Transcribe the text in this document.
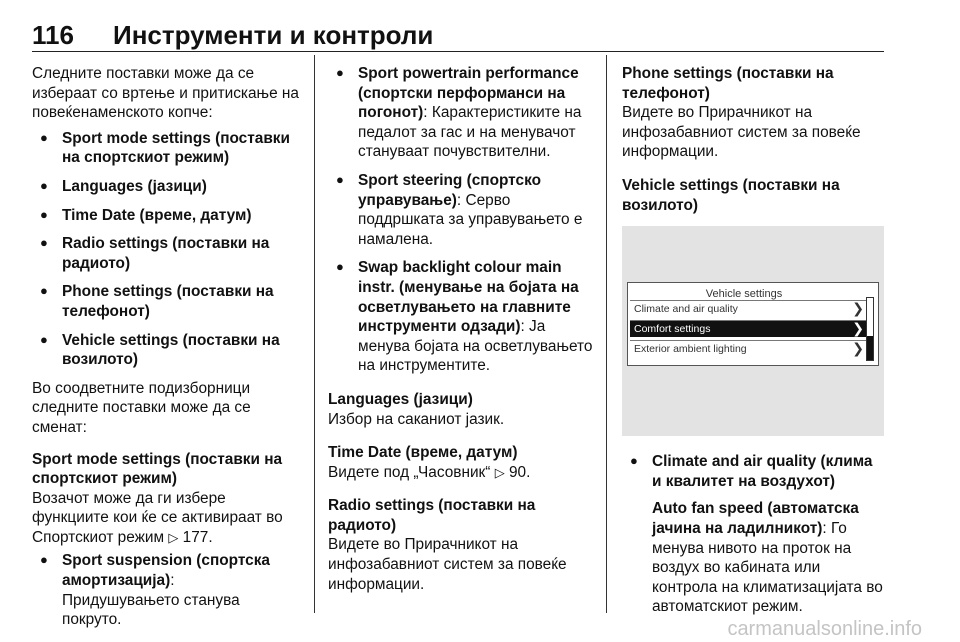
116 Инструменти и контроли

Следните поставки може да се избераат со вртење и притискање на повеќенаменското копче:

● Sport mode settings (поставки на спортскиот режим)
● Languages (јазици)
● Time Date (време, датум)
● Radio settings (поставки на радиото)
● Phone settings (поставки на телефонот)
● Vehicle settings (поставки на возилото)

Во соодветните подизборници следните поставки може да се сменат:

Sport mode settings (поставки на спортскиот режим)

Возачот може да ги избере функциите кои ќе се активираат во Спортскиот режим ▷ 177.

● Sport suspension (спортска амортизација):
Придушувањето станува покруто.
● Sport powertrain performance (спортски перформанси на погонот): Карактеристиките на педалот за гас и на менувачот стануваат почувствителни.
● Sport steering (спортско управување): Серво поддршката за управувањето е намалена.
● Swap backlight colour main instr. (менување на бојата на осветлувањето на главните инструменти одзади): Ја менува бојата на осветлувањето на инструментите.

Languages (јазици)

Избор на сакaниот јазик.

Time Date (време, датум)

Видете под „Часовник“ ▷ 90.

Radio settings (поставки на радиото)

Видете во Прирачникот на инфозабавниот систем за повеќе информации.

Phone settings (поставки на телефонот)

Видете во Прирачникот на инфозабавниот систем за повеќе информации.

Vehicle settings (поставки на возилото)

Vehicle settings
Climate and air quality	❯
Comfort settings	❯
Exterior ambient lighting	❯
● Climate and air quality (клима и квалитет на воздухот)
Auto fan speed (автоматска јачина на ладилникот): Го менува нивото на проток на воздух во кабината или контрола на климатизацијата во автоматскиот режим.
carmanualsonline.info
